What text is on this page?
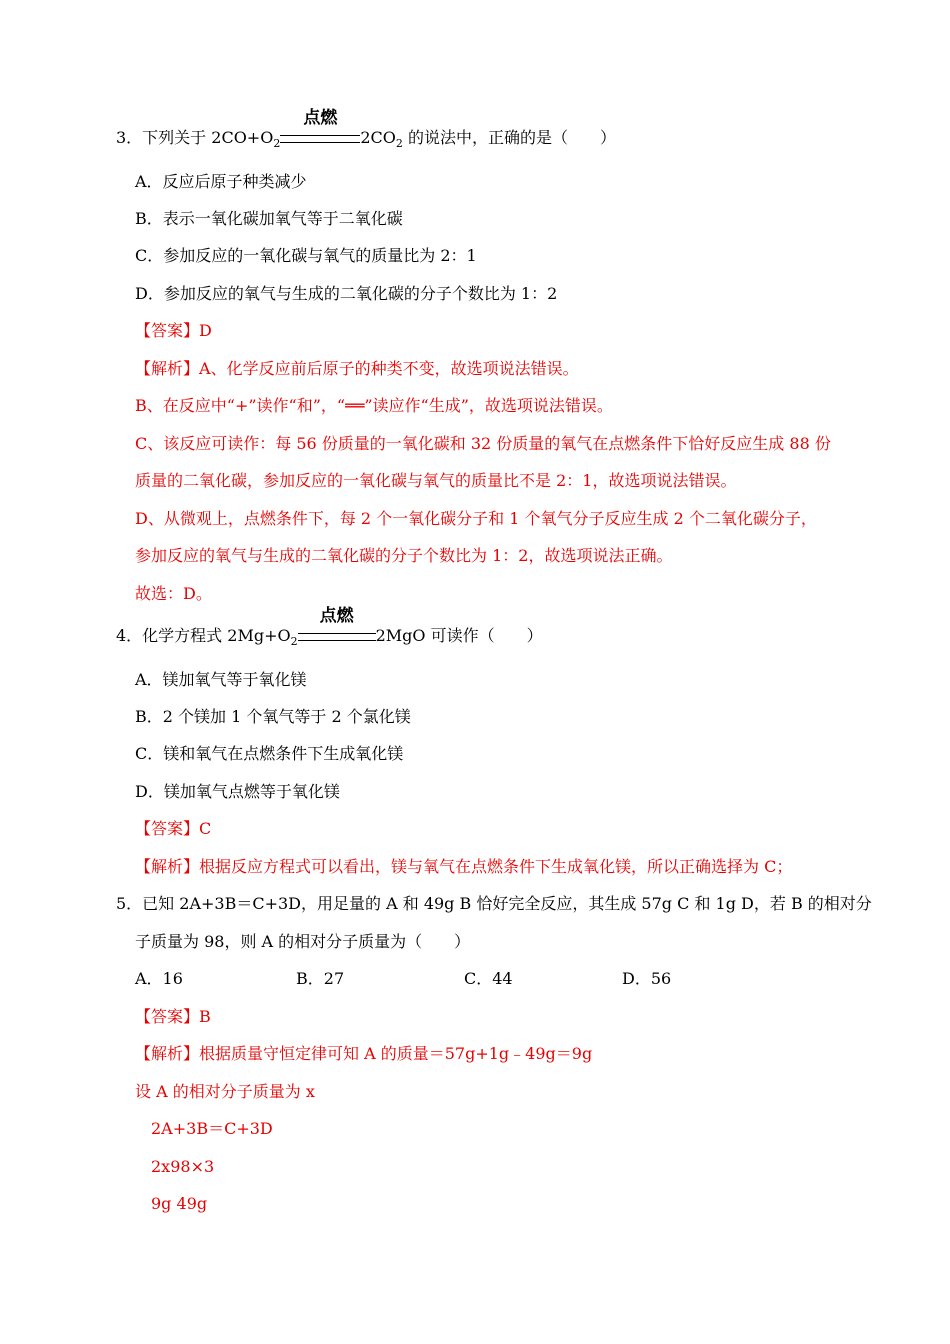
3．下列关于 $2CO+O_2$
点燃
$2CO_2$ 的说法中，正确的是（　　）
A．反应后原子种类减少
B．表示一氧化碳加氧气等于二氧化碳
C．参加反应的一氧化碳与氧气的质量比为 2：1
D．参加反应的氧气与生成的二氧化碳的分子个数比为 1：2
【答案】D
【解析】A、化学反应前后原子的种类不变，故选项说法错误。
B、在反应中“+”读作“和”，“══”读应作“生成”，故选项说法错误。
C、该反应可读作：每 56 份质量的一氧化碳和 32 份质量的氧气在点燃条件下恰好反应生成 88 份
质量的二氧化碳，参加反应的一氧化碳与氧气的质量比不是 2：1，故选项说法错误。
D、从微观上，点燃条件下，每 2 个一氧化碳分子和 1 个氧气分子反应生成 2 个二氧化碳分子，
参加反应的氧气与生成的二氧化碳的分子个数比为 1：2，故选项说法正确。
故选：D。
4．化学方程式 $2Mg+O_2$
点燃
2MgO 可读作（　　）
A．镁加氧气等于氧化镁
B．2 个镁加 1 个氧气等于 2 个氯化镁
C．镁和氧气在点燃条件下生成氧化镁
D．镁加氧气点燃等于氧化镁
【答案】C
【解析】根据反应方程式可以看出，镁与氧气在点燃条件下生成氧化镁，所以正确选择为 C；
5．已知 2A+3B＝C+3D，用足量的 A 和 49g B 恰好完全反应，其生成 57g C 和 1g D，若 B 的相对分
子质量为 98，则 A 的相对分子质量为（　　）
A．16	B．27	C．44	D．56
【答案】B
【解析】根据质量守恒定律可知 A 的质量＝57g+1g﹣49g＝9g
设 A 的相对分子质量为 x
2A+3B＝C+3D
2x98×3
9g 49g
